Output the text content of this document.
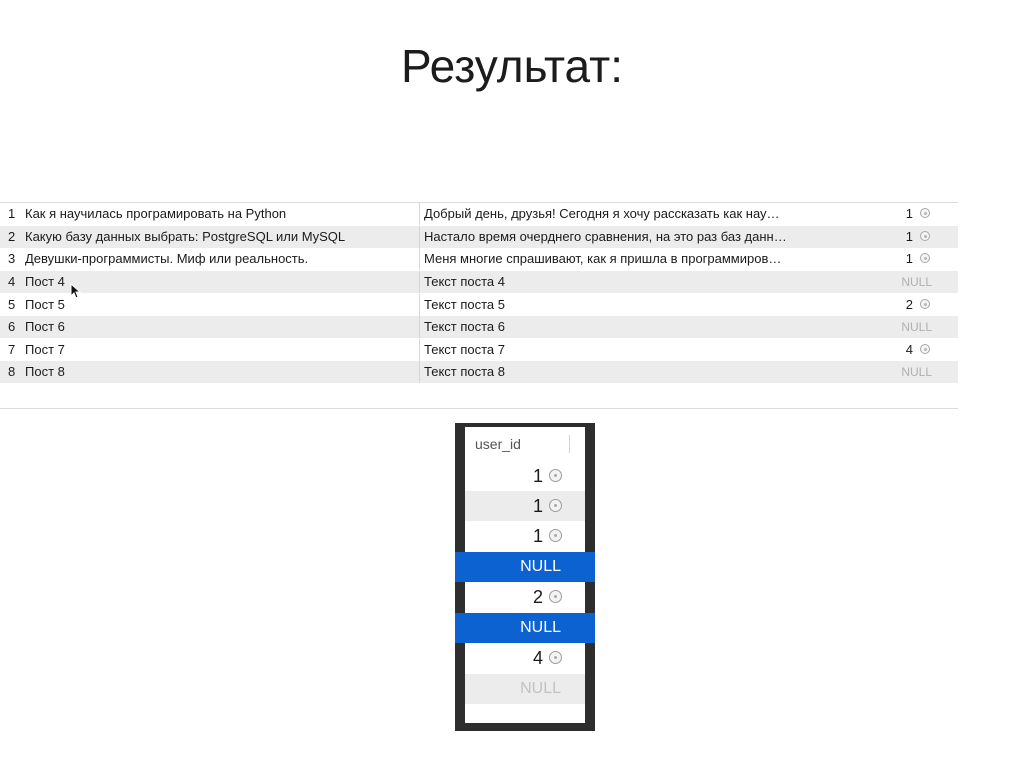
Результат:
1 Как я научилась програмировать на Python	Добрый день, друзья! Сегодня я хочу рассказать как нау…	1
2 Какую базу данных выбрать: PostgreSQL или MySQL	Настало время очерднего сравнения, на это раз баз данн…	1
3 Девушки-программисты. Миф или реальность.	Меня многие спрашивают, как я пришла в программиров…	1
4 Пост 4	Текст поста 4	NULL
5 Пост 5	Текст поста 5	2
6 Пост 6	Текст поста 6	NULL
7 Пост 7	Текст поста 7	4
8 Пост 8	Текст поста 8	NULL
user_id
1
1
1
NULL
2
NULL
4
NULL
